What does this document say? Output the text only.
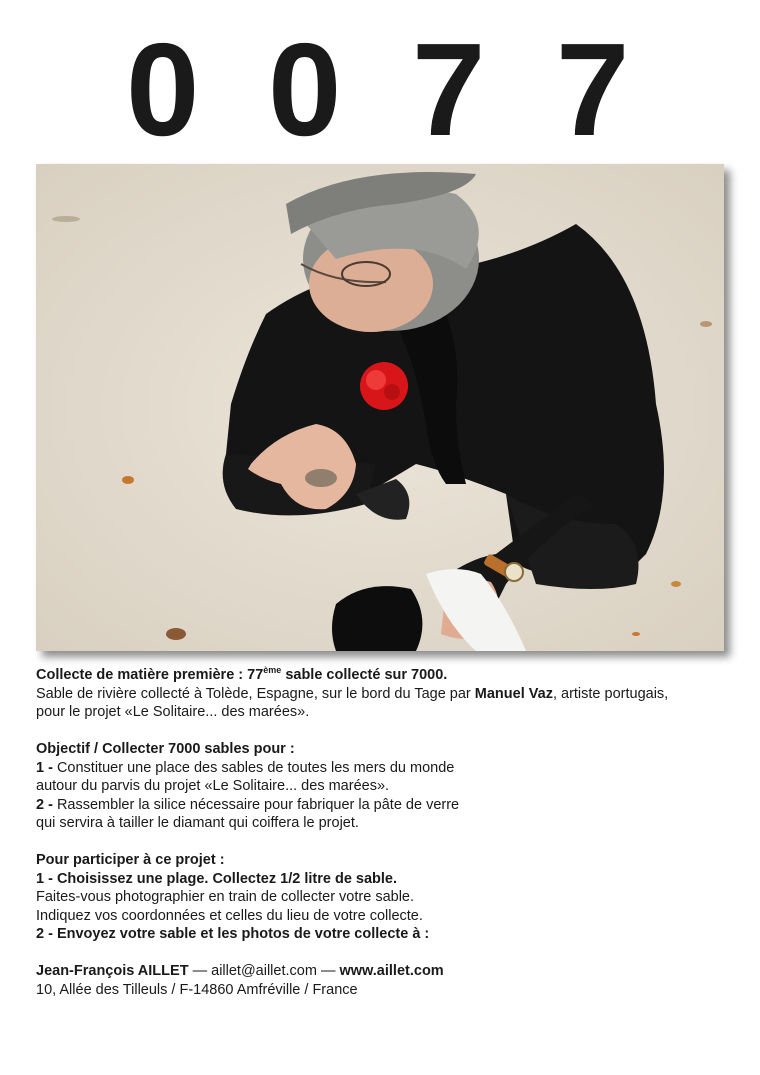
0 0 7 7

Collecte de matière première : 77ème sable collecté sur 7000.

Sable de rivière collecté à Tolède, Espagne, sur le bord du Tage par Manuel Vaz, artiste portugais,

pour le projet «Le Solitaire... des marées».

Objectif / Collecter 7000 sables pour :

1 - Constituer une place des sables de toutes les mers du monde

autour du parvis du projet «Le Solitaire... des marées».

2 - Rassembler la silice nécessaire pour fabriquer la pâte de verre

qui servira à tailler le diamant qui coiffera le projet.

Pour participer à ce projet :

1 - Choisissez une plage. Collectez 1/2 litre de sable.

Faites-vous photographier en train de collecter votre sable.

Indiquez vos coordonnées et celles du lieu de votre collecte.

2 - Envoyez votre sable et les photos de votre collecte à :

Jean-François AILLET — aillet@aillet.com — www.aillet.com

10, Allée des Tilleuls / F-14860 Amfréville / France
